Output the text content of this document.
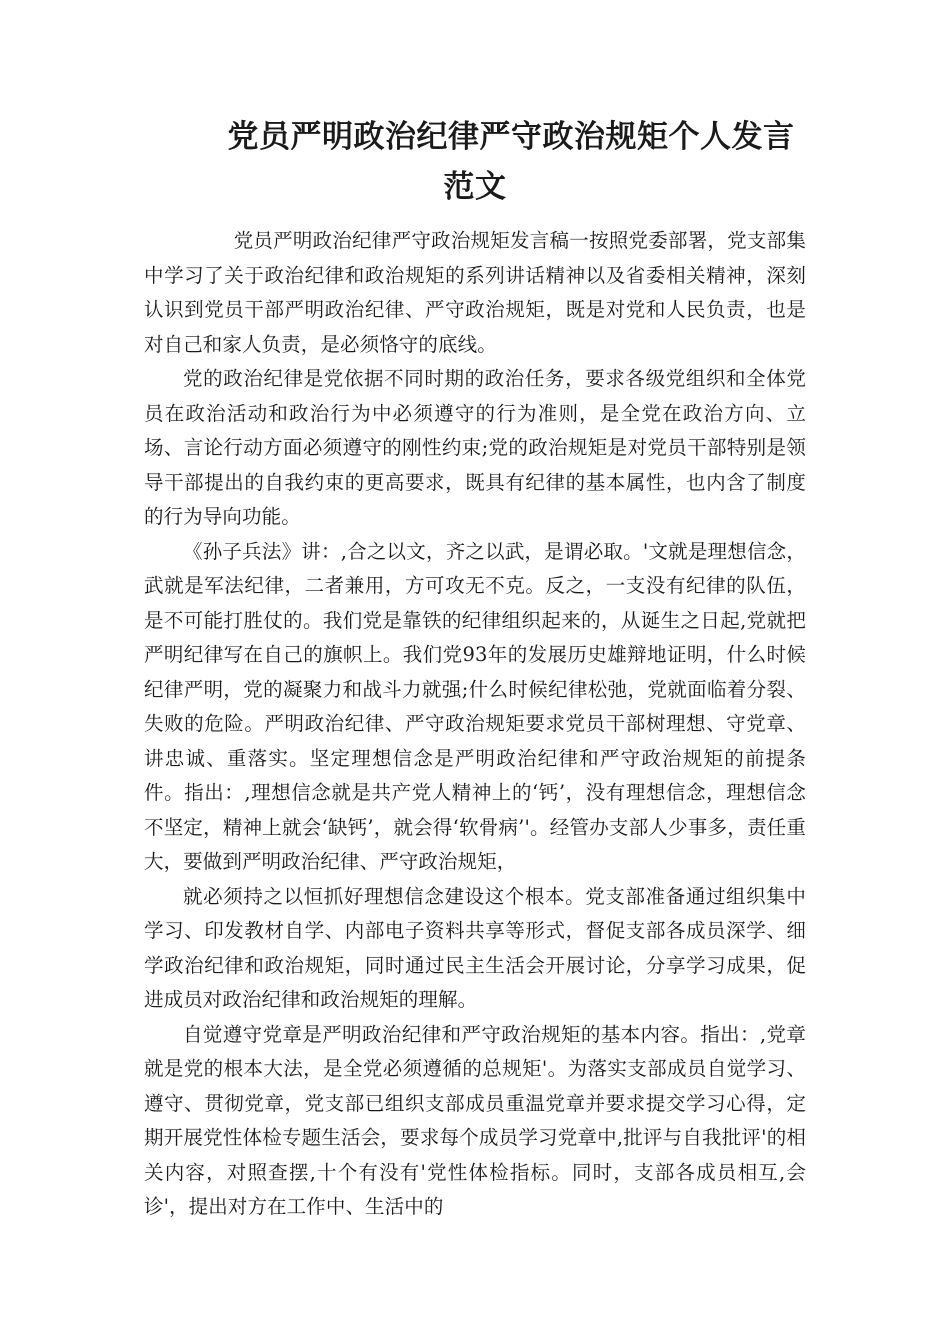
党员严明政治纪律严守政治规矩个人发言
范文

党员严明政治纪律严守政治规矩发言稿一按照党委部署，党支部集中学习了关于政治纪律和政治规矩的系列讲话精神以及省委相关精神，深刻认识到党员干部严明政治纪律、严守政治规矩，既是对党和人民负责，也是对自己和家人负责，是必须恪守的底线。

党的政治纪律是党依据不同时期的政治任务，要求各级党组织和全体党员在政治活动和政治行为中必须遵守的行为准则，是全党在政治方向、立场、言论行动方面必须遵守的刚性约束;党的政治规矩是对党员干部特别是领导干部提出的自我约束的更高要求，既具有纪律的基本属性，也内含了制度的行为导向功能。

《孙子兵法》讲：,合之以文，齐之以武，是谓必取。'文就是理想信念，武就是军法纪律，二者兼用，方可攻无不克。反之，一支没有纪律的队伍，是不可能打胜仗的。我们党是靠铁的纪律组织起来的，从诞生之日起,党就把严明纪律写在自己的旗帜上。我们党93年的发展历史雄辩地证明，什么时候纪律严明，党的凝聚力和战斗力就强;什么时候纪律松弛，党就面临着分裂、失败的危险。严明政治纪律、严守政治规矩要求党员干部树理想、守党章、讲忠诚、重落实。坚定理想信念是严明政治纪律和严守政治规矩的前提条件。指出：,理想信念就是共产党人精神上的‘钙’，没有理想信念，理想信念不坚定，精神上就会‘缺钙’，就会得‘软骨病’'。经管办支部人少事多，责任重大，要做到严明政治纪律、严守政治规矩，

就必须持之以恒抓好理想信念建设这个根本。党支部准备通过组织集中学习、印发教材自学、内部电子资料共享等形式，督促支部各成员深学、细学政治纪律和政治规矩，同时通过民主生活会开展讨论，分享学习成果，促进成员对政治纪律和政治规矩的理解。

自觉遵守党章是严明政治纪律和严守政治规矩的基本内容。指出：,党章就是党的根本大法，是全党必须遵循的总规矩'。为落实支部成员自觉学习、遵守、贯彻党章，党支部已组织支部成员重温党章并要求提交学习心得，定期开展党性体检专题生活会，要求每个成员学习党章中,批评与自我批评'的相关内容，对照查摆,十个有没有'党性体检指标。同时，支部各成员相互,会诊'，提出对方在工作中、生活中的
